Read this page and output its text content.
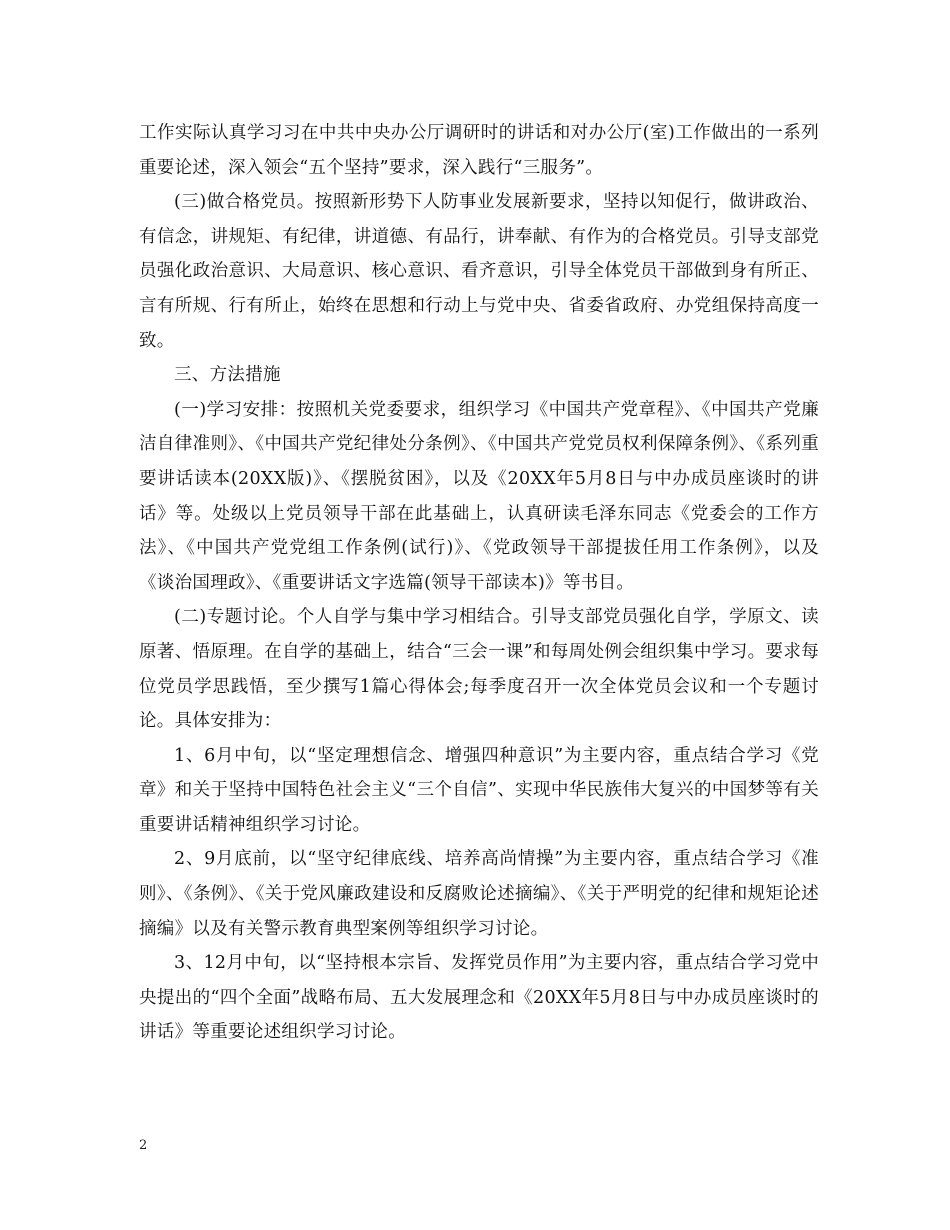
工作实际认真学习习在中共中央办公厅调研时的讲话和对办公厅(室)工作做出的一系列重要论述，深入领会“五个坚持”要求，深入践行“三服务”。

(三)做合格党员。按照新形势下人防事业发展新要求，坚持以知促行，做讲政治、有信念，讲规矩、有纪律，讲道德、有品行，讲奉献、有作为的合格党员。引导支部党员强化政治意识、大局意识、核心意识、看齐意识，引导全体党员干部做到身有所正、言有所规、行有所止，始终在思想和行动上与党中央、省委省政府、办党组保持高度一致。

三、方法措施

(一)学习安排：按照机关党委要求，组织学习《中国共产党章程》、《中国共产党廉洁自律准则》、《中国共产党纪律处分条例》、《中国共产党党员权利保障条例》、《系列重要讲话读本(20XX版)》、《摆脱贫困》，以及《20XX年5月8日与中办成员座谈时的讲话》等。处级以上党员领导干部在此基础上，认真研读毛泽东同志《党委会的工作方法》、《中国共产党党组工作条例(试行)》、《党政领导干部提拔任用工作条例》，以及《谈治国理政》、《重要讲话文字选篇(领导干部读本)》等书目。

(二)专题讨论。个人自学与集中学习相结合。引导支部党员强化自学，学原文、读原著、悟原理。在自学的基础上，结合“三会一课”和每周处例会组织集中学习。要求每位党员学思践悟，至少撰写1篇心得体会;每季度召开一次全体党员会议和一个专题讨论。具体安排为：

1、6月中旬，以“坚定理想信念、增强四种意识”为主要内容，重点结合学习《党章》和关于坚持中国特色社会主义“三个自信”、实现中华民族伟大复兴的中国梦等有关重要讲话精神组织学习讨论。

2、9月底前，以“坚守纪律底线、培养高尚情操”为主要内容，重点结合学习《准则》、《条例》、《关于党风廉政建设和反腐败论述摘编》、《关于严明党的纪律和规矩论述摘编》以及有关警示教育典型案例等组织学习讨论。

3、12月中旬，以“坚持根本宗旨、发挥党员作用”为主要内容，重点结合学习党中央提出的“四个全面”战略布局、五大发展理念和《20XX年5月8日与中办成员座谈时的讲话》等重要论述组织学习讨论。

2
